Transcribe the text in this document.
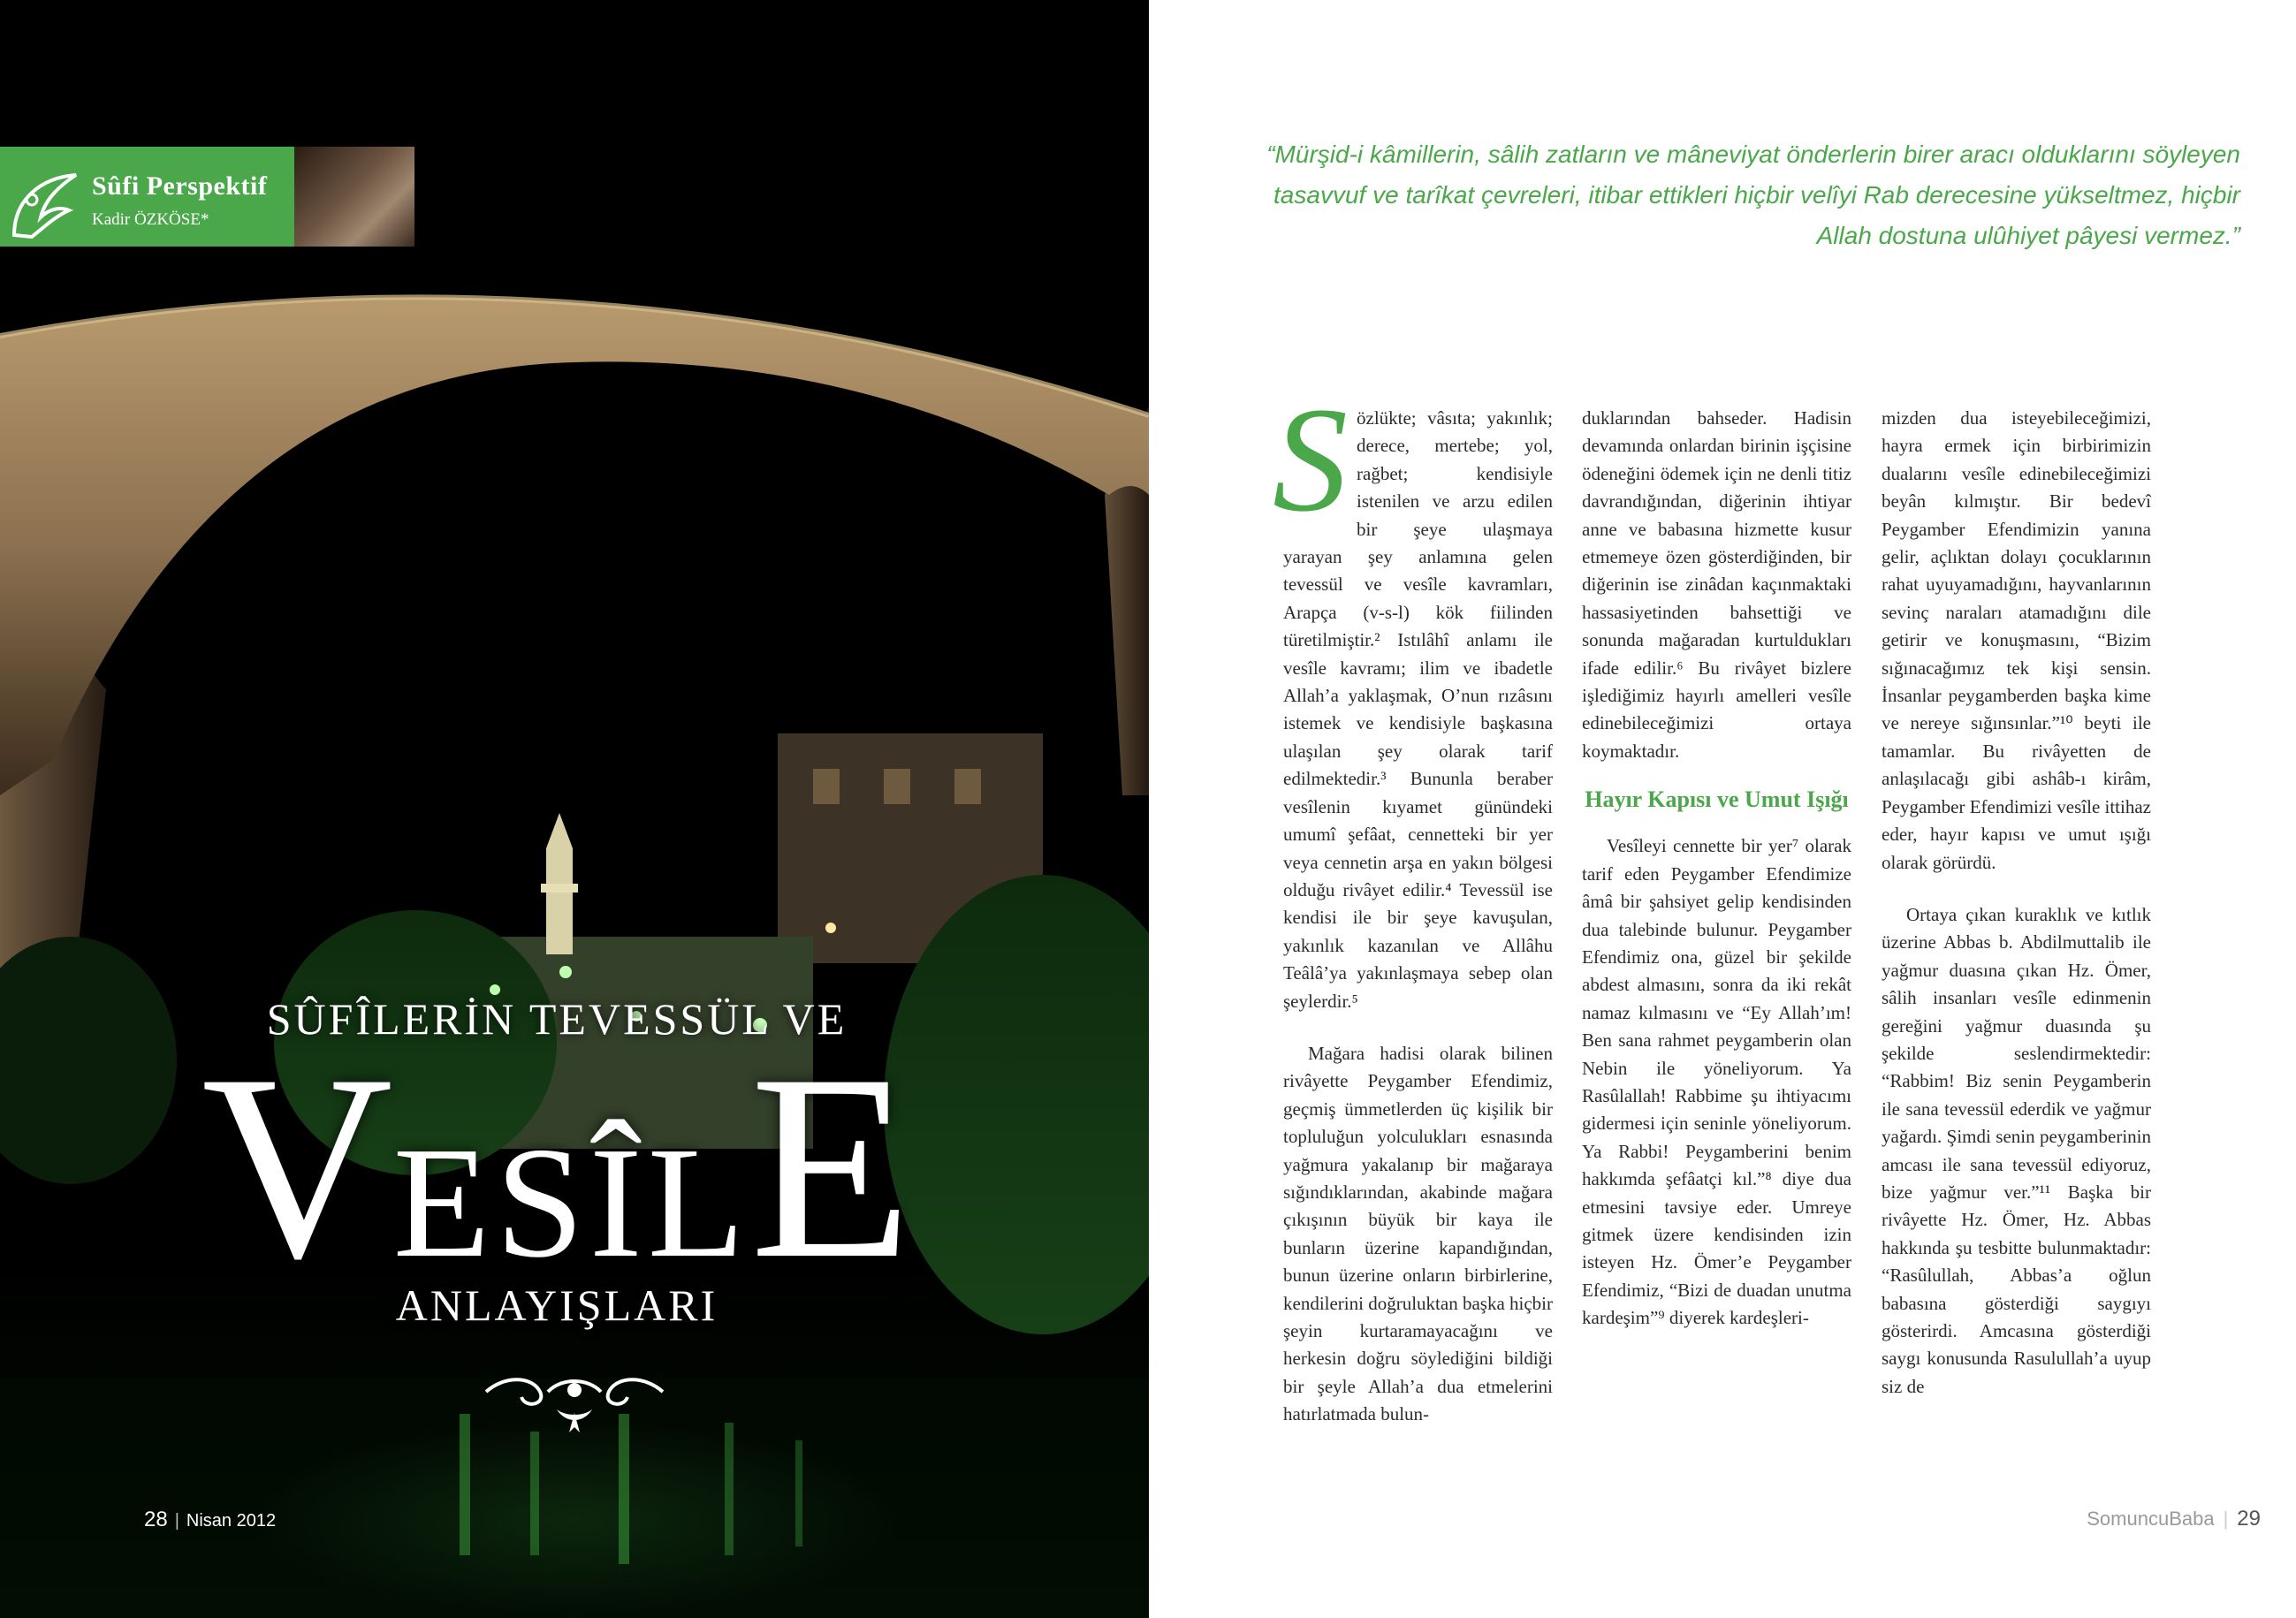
Sûfi Perspektif
Kadir ÖZKÖSE*
SÛFÎLERİN TEVESSÜL VE
VESÎLE
ANLAYIŞLARI
28 | Nisan 2012

“Mürşid-i kâmillerin, sâlih zatların ve mâneviyat önderlerin birer aracı olduklarını söyleyen tasavvuf ve tarîkat çevreleri, itibar ettikleri hiçbir velîyi Rab derecesine yükseltmez, hiçbir Allah dostuna ulûhiyet pâyesi vermez.”

S özlükte; vâsıta; yakınlık; derece, mertebe; yol, rağbet; kendisiyle istenilen ve arzu edilen bir şeye ulaşmaya yarayan şey anlamına gelen tevessül ve vesîle kavramları, Arapça (v-s-l) kök fiilinden türetilmiştir.² Istılâhî anlamı ile vesîle kavramı; ilim ve ibadetle Allah’a yaklaşmak, O’nun rızâsını istemek ve kendisiyle başkasına ulaşılan şey olarak tarif edilmektedir.³ Bununla beraber vesîlenin kıyamet günündeki umumî şefâat, cennetteki bir yer veya cennetin arşa en yakın bölgesi olduğu rivâyet edilir.⁴ Tevessül ise kendisi ile bir şeye kavuşulan, yakınlık kazanılan ve Allâhu Teâlâ’ya yakınlaşmaya sebep olan şeylerdir.⁵

Mağara hadisi olarak bilinen rivâyette Peygamber Efendimiz, geçmiş ümmetlerden üç kişilik bir topluluğun yolculukları esnasında yağmura yakalanıp bir mağaraya sığındıklarından, akabinde mağara çıkışının büyük bir kaya ile bunların üzerine kapandığından, bunun üzerine onların birbirlerine, kendilerini doğruluktan başka hiçbir şeyin kurtaramayacağını ve herkesin doğru söylediğini bildiği bir şeyle Allah’a dua etmelerini hatırlatmada bulun-

duklarından bahseder. Hadisin devamında onlardan birinin işçisine ödeneğini ödemek için ne denli titiz davrandığından, diğerinin ihtiyar anne ve babasına hizmette kusur etmemeye özen gösterdiğinden, bir diğerinin ise zinâdan kaçınmaktaki hassasiyetinden bahsettiği ve sonunda mağaradan kurtuldukları ifade edilir.⁶ Bu rivâyet bizlere işlediğimiz hayırlı amelleri vesîle edinebileceğimizi ortaya koymaktadır.

Hayır Kapısı ve Umut Işığı

Vesîleyi cennette bir yer⁷ olarak tarif eden Peygamber Efendimize âmâ bir şahsiyet gelip kendisinden dua talebinde bulunur. Peygamber Efendimiz ona, güzel bir şekilde abdest almasını, sonra da iki rekât namaz kılmasını ve “Ey Allah’ım! Ben sana rahmet peygamberin olan Nebin ile yöneliyorum. Ya Rasûlallah! Rabbime şu ihtiyacımı gidermesi için seninle yöneliyorum. Ya Rabbi! Peygamberini benim hakkımda şefâatçi kıl.”⁸ diye dua etmesini tavsiye eder. Umreye gitmek üzere kendisinden izin isteyen Hz. Ömer’e Peygamber Efendimiz, “Bizi de duadan unutma kardeşim”⁹ diyerek kardeşleri-

mizden dua isteyebileceğimizi, hayra ermek için birbirimizin dualarını vesîle edinebileceğimizi beyân kılmıştır. Bir bedevî Peygamber Efendimizin yanına gelir, açlıktan dolayı çocuklarının rahat uyuyamadığını, hayvanlarının sevinç naraları atamadığını dile getirir ve konuşmasını, “Bizim sığınacağımız tek kişi sensin. İnsanlar peygamberden başka kime ve nereye sığınsınlar.”¹⁰ beyti ile tamamlar. Bu rivâyetten de anlaşılacağı gibi ashâb-ı kirâm, Peygamber Efendimizi vesîle ittihaz eder, hayır kapısı ve umut ışığı olarak görürdü.

Ortaya çıkan kuraklık ve kıtlık üzerine Abbas b. Abdilmuttalib ile yağmur duasına çıkan Hz. Ömer, sâlih insanları vesîle edinmenin gereğini yağmur duasında şu şekilde seslendirmektedir: “Rabbim! Biz senin Peygamberin ile sana tevessül ederdik ve yağmur yağardı. Şimdi senin peygamberinin amcası ile sana tevessül ediyoruz, bize yağmur ver.”¹¹ Başka bir rivâyette Hz. Ömer, Hz. Abbas hakkında şu tesbitte bulunmaktadır: “Rasûlullah, Abbas’a oğlun babasına gösterdiği saygıyı gösterirdi. Amcasına gösterdiği saygı konusunda Rasulullah’a uyup siz de

SomuncuBaba | 29
